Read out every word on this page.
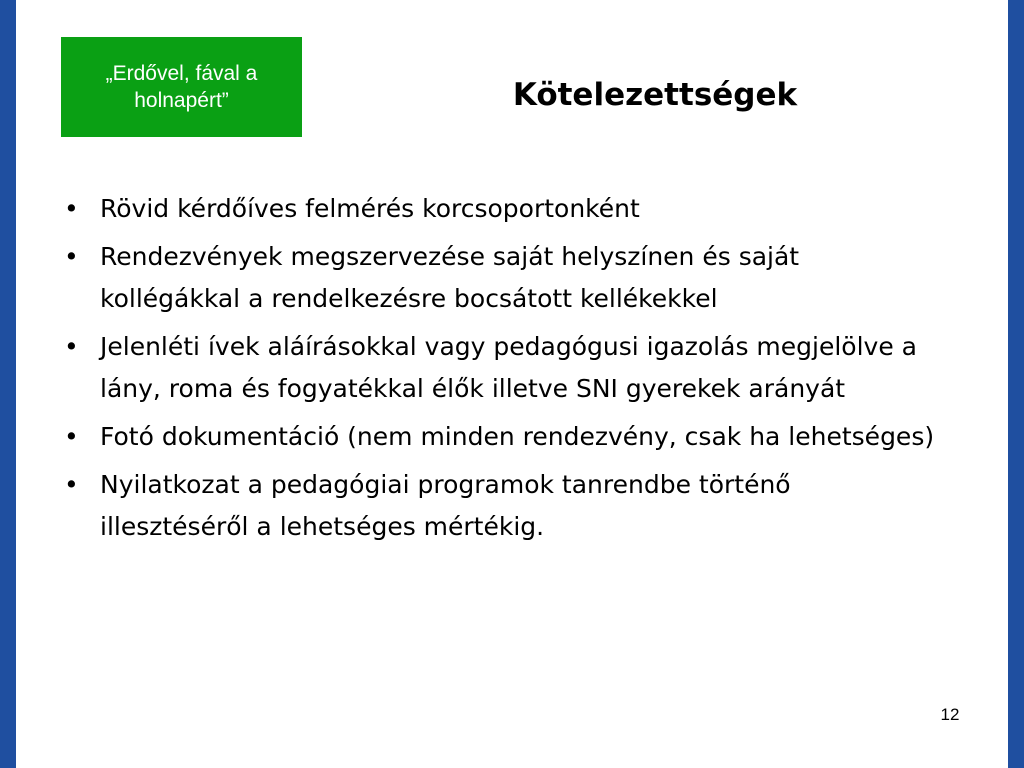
„Erdővel, fával a holnapért”	Kötelezettségek
• Rövid kérdőíves felmérés korcsoportonként
• Rendezvények megszervezése saját helyszínen és saját kollégákkal a rendelkezésre bocsátott kellékekkel
• Jelenléti ívek aláírásokkal vagy pedagógusi igazolás megjelölve a lány, roma és fogyatékkal élők illetve SNI gyerekek arányát
• Fotó dokumentáció (nem minden rendezvény, csak ha lehetséges)
• Nyilatkozat a pedagógiai programok tanrendbe történő illesztéséről a lehetséges mértékig.
12
